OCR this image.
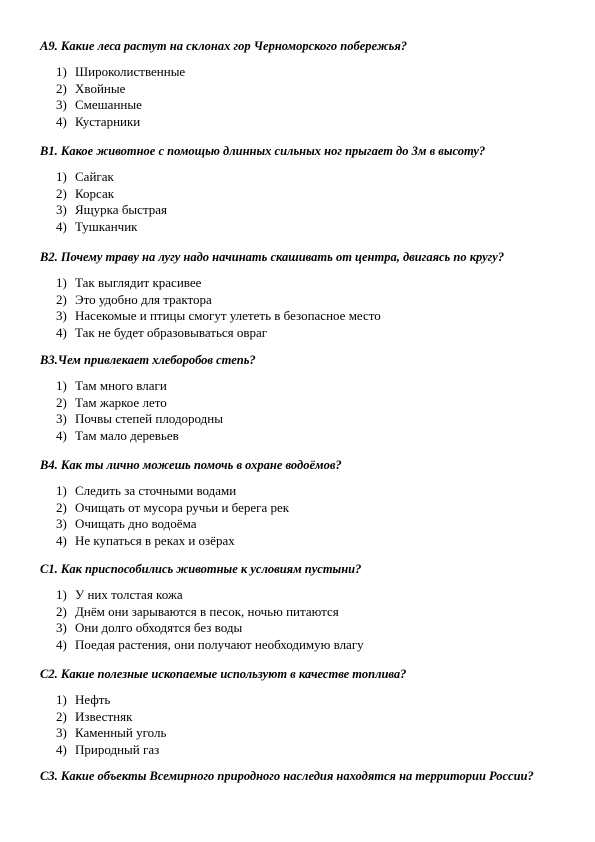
А9. Какие леса растут на склонах гор Черноморского побережья?

1) Широколиственные
2) Хвойные
3) Смешанные
4) Кустарники

В1. Какое животное с помощью длинных сильных ног прыгает до 3м в высоту?

1) Сайгак
2) Корсак
3) Ящурка быстрая
4) Тушканчик

В2. Почему траву на лугу надо начинать скашивать от центра, двигаясь по кругу?

1) Так выглядит красивее
2) Это удобно для трактора
3) Насекомые и птицы смогут улететь в безопасное место
4) Так не будет образовываться овраг

В3.Чем привлекает хлеборобов степь?

1) Там много влаги
2) Там жаркое лето
3) Почвы степей плодородны
4) Там мало деревьев

В4. Как ты лично можешь помочь в охране водоёмов?

1) Следить за сточными водами
2) Очищать от мусора ручьи и берега рек
3) Очищать дно водоёма
4) Не купаться в реках и озёрах

С1. Как приспособились животные к условиям пустыни?

1) У них толстая кожа
2) Днём они зарываются в песок, ночью питаются
3) Они долго обходятся без воды
4) Поедая растения, они получают необходимую влагу

С2. Какие полезные ископаемые используют в качестве топлива?

1) Нефть
2) Известняк
3) Каменный уголь
4) Природный газ

С3. Какие объекты Всемирного природного наследия находятся на территории России?
